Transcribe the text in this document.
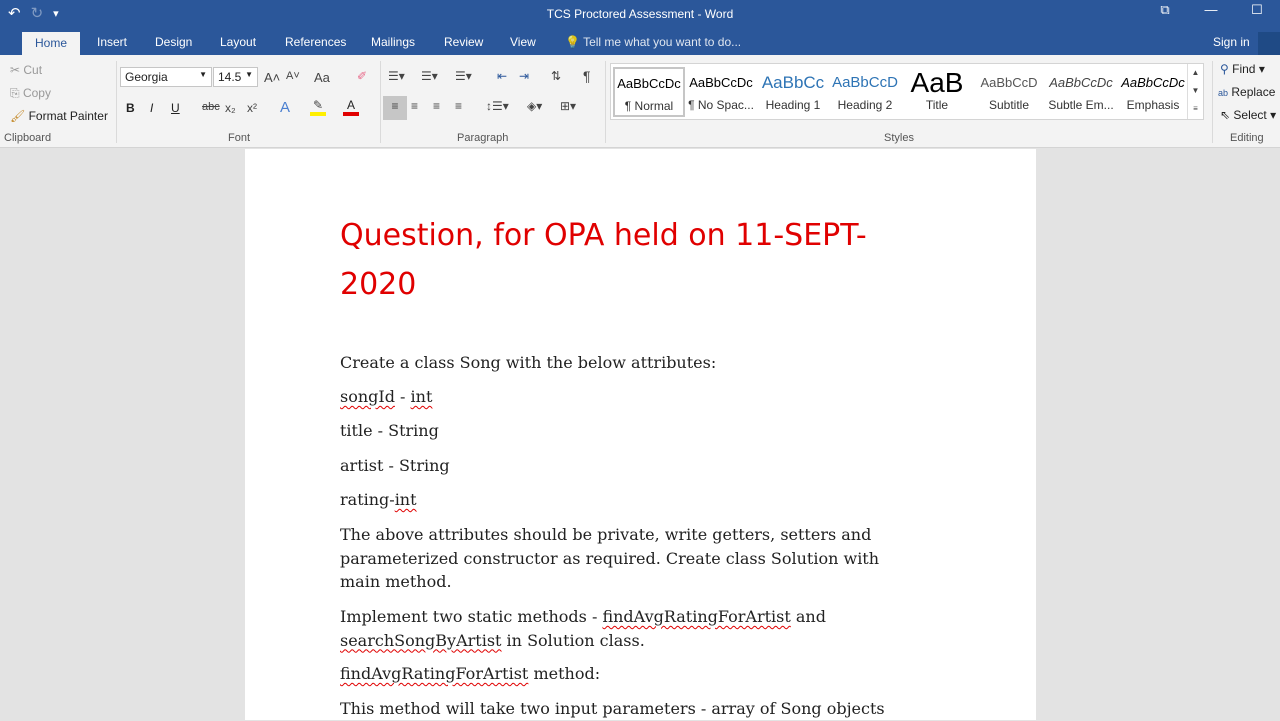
↶ ↻ ▾	TCS Proctored Assessment - Word	⧉	—	☐
Home	Insert Design Layout References Mailings Review View 💡 Tell me what you want to do...	Sign in
✂ Cut
⎘ Copy
🖌 Format Painter
Clipboard
Georgia	▼ 14.5 ▼ A˄ A˅ Aa ✐
B I U abc x₂ x² A ✎	A
Font
☰▾ ☰▾ ☰▾ ⇤ ⇥ ⇅ ¶
≡	≡ ≡ ≡ ↕☰▾ ◈▾ ⊞▾
Paragraph
AaBbCcDc
¶ Normal
AaBbCcDc
¶ No Spac...
AaBbCc
Heading 1
AaBbCcD
Heading 2
AaB
Title
AaBbCcD
Subtitle
AaBbCcDc
Subtle Em...
AaBbCcDc
Emphasis
▲
▼
≡
Styles
⚲ Find ▾
ab Replace
⇖ Select ▾
Editing
Question, for OPA held on 11-SEPT-2020
Create a class Song with the below attributes:
songId - int
title - String
artist - String
rating-int
The above attributes should be private, write getters, setters and parameterized constructor as required. Create class Solution with main method.
Implement two static methods - findAvgRatingForArtist and searchSongByArtist in Solution class.
findAvgRatingForArtist method:
This method will take two input parameters - array of Song objects
